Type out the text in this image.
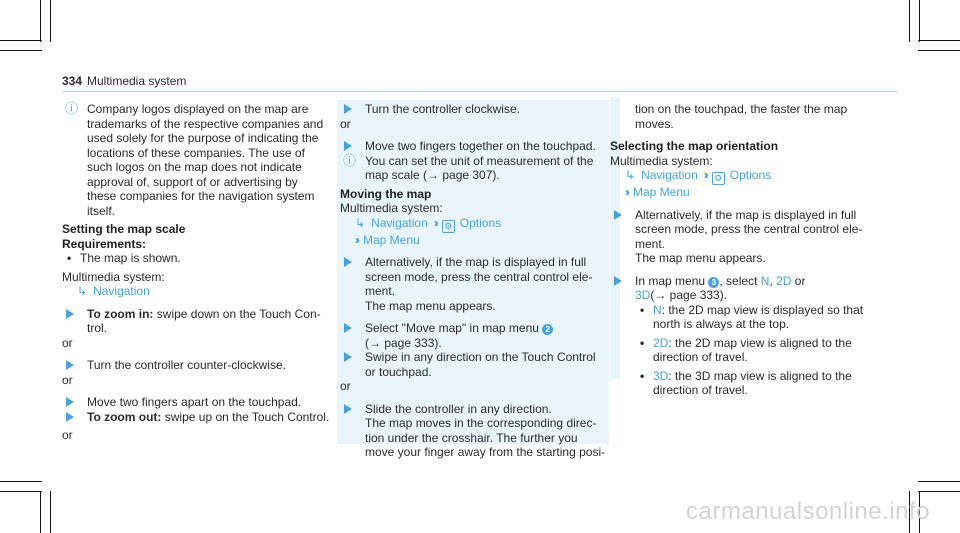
334 Multimedia system
ⓘ Company logos displayed on the map are
trademarks of the respective companies and
used solely for the purpose of indicating the
locations of these companies. The use of
such logos on the map does not indicate
approval of, support of or advertising by
these companies for the navigation system
itself.
Setting the map scale
Requirements:
• The map is shown.
Multimedia system:
↳ Navigation
To zoom in: swipe down on the Touch Con-
trol.
or
Turn the controller counter-clockwise.
or
Move two fingers apart on the touchpad.
To zoom out: swipe up on the Touch Control.
or
Turn the controller clockwise.
or
Move two fingers together on the touchpad.
ⓘ You can set the unit of measurement of the
map scale (→ page 307).
Moving the map
Multimedia system:
↳ Navigation ›› ⚙ Options
›› Map Menu
Alternatively, if the map is displayed in full
screen mode, press the central control ele-
ment.
The map menu appears.
Select "Move map" in map menu 2
(→ page 333).
Swipe in any direction on the Touch Control
or touchpad.
or
Slide the controller in any direction.
The map moves in the corresponding direc-
tion under the crosshair. The further you
move your finger away from the starting posi-
tion on the touchpad, the faster the map
moves.
Selecting the map orientation
Multimedia system:
↳ Navigation ›› ⚙ Options
›› Map Menu
Alternatively, if the map is displayed in full
screen mode, press the central control ele-
ment.
The map menu appears.
In map menu 3 , select N, 2D or
3D(→ page 333).
• N: the 2D map view is displayed so that
north is always at the top.
• 2D: the 2D map view is aligned to the
direction of travel.
• 3D: the 3D map view is aligned to the
direction of travel.
carmanualsonline.info
